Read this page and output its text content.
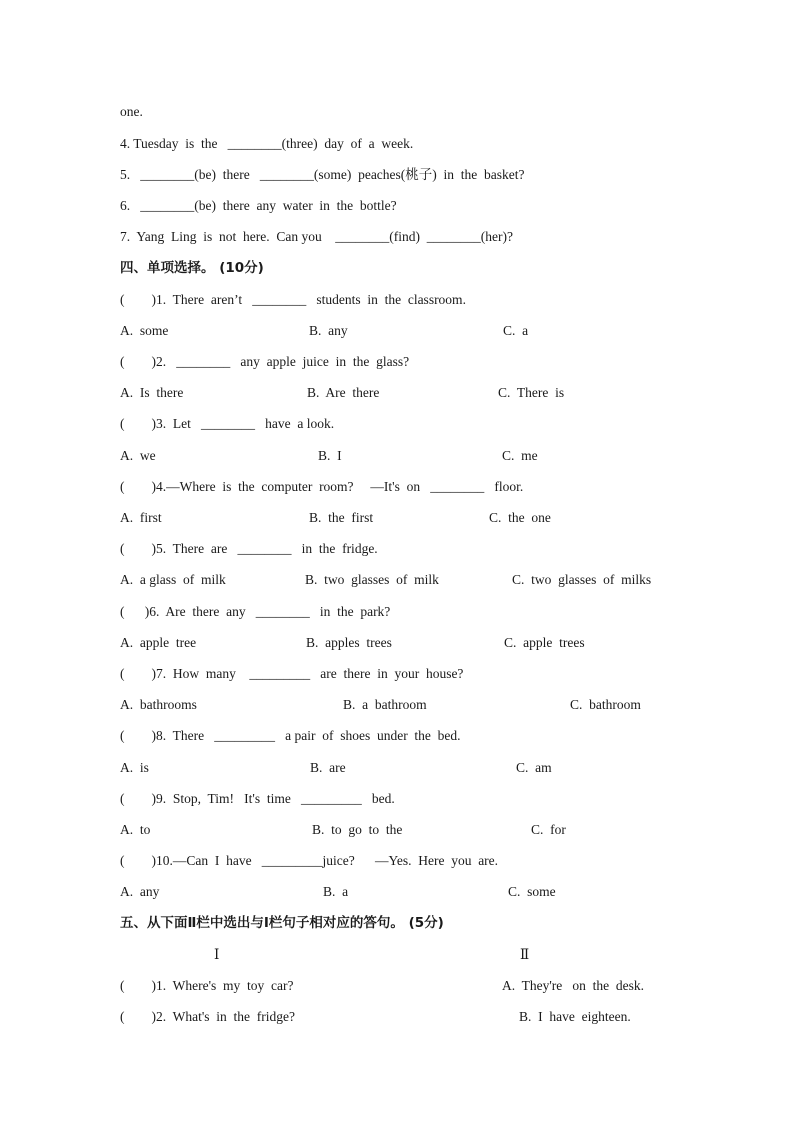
one.
4. Tuesday  is  the   ________(three)  day  of  a  week.
5.   ________(be)  there   ________(some)  peaches(桃子)  in  the  basket?
6.   ________(be)  there  any  water  in  the  bottle?
7.  Yang  Ling  is  not  here.  Can you    ________(find)  ________(her)?
四、单项选择。 (10分)
(        )1.  There  aren’t   ________   students  in  the  classroom.
A.  some	B.  any	C.  a
(        )2.   ________   any  apple  juice  in  the  glass?
A.  Is  there	B.  Are  there	C.  There  is
(        )3.  Let   ________   have  a look.
A.  we	B.  I	C.  me
(        )4.—Where  is  the  computer  room?     —It's  on   ________   floor.
A.  first	B.  the  first	C.  the  one
(        )5.  There  are   ________   in  the  fridge.
A.  a glass  of  milk	B.  two  glasses  of  milk	C.  two  glasses  of  milks
(      )6.  Are  there  any   ________   in  the  park?
A.  apple  tree	B.  apples  trees	C.  apple  trees
(        )7.  How  many    _________   are  there  in  your  house?
A.  bathrooms	B.  a  bathroom	C.  bathroom
(        )8.  There   _________   a pair  of  shoes  under  the  bed.
A.  is	B.  are	C.  am
(        )9.  Stop,  Tim!   It's  time   _________   bed.
A.  to	B.  to  go  to  the	C.  for
(        )10.—Can  I  have   _________juice?      —Yes.  Here  you  are.
A.  any	B.  a	C.  some
五、从下面Ⅱ栏中选出与Ⅰ栏句子相对应的答句。 (5分)
Ⅰ	Ⅱ
(        )1.  Where's  my  toy  car?	A.  They're   on  the  desk.
(        )2.  What's  in  the  fridge?	B.  I  have  eighteen.
